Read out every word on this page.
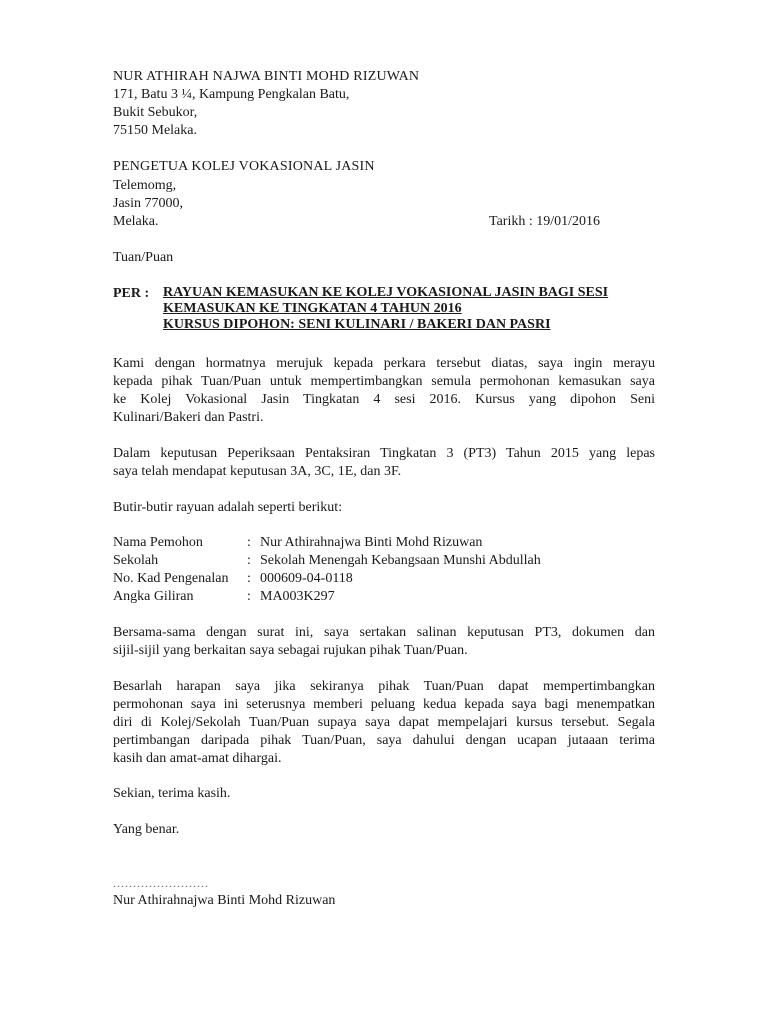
NUR ATHIRAH NAJWA BINTI MOHD RIZUWAN
171, Batu 3 ¼, Kampung Pengkalan Batu,
Bukit Sebukor,
75150 Melaka.
PENGETUA KOLEJ VOKASIONAL JASIN
Telemomg,
Jasin 77000,
Melaka.	Tarikh : 19/01/2016
Tuan/Puan
PER : RAYUAN KEMASUKAN KE KOLEJ VOKASIONAL JASIN BAGI SESI
KEMASUKAN KE TINGKATAN 4 TAHUN 2016
KURSUS DIPOHON: SENI KULINARI / BAKERI DAN PASRI
Kami dengan hormatnya merujuk kepada perkara tersebut diatas, saya ingin merayu
kepada pihak Tuan/Puan untuk mempertimbangkan semula permohonan kemasukan saya
ke Kolej Vokasional Jasin Tingkatan 4 sesi 2016. Kursus yang dipohon Seni
Kulinari/Bakeri dan Pastri.
Dalam keputusan Peperiksaan Pentaksiran Tingkatan 3 (PT3) Tahun 2015 yang lepas
saya telah mendapat keputusan 3A, 3C, 1E, dan 3F.
Butir-butir rayuan adalah seperti berikut:
Nama Pemohon	: Nur Athirahnajwa Binti Mohd Rizuwan
Sekolah	: Sekolah Menengah Kebangsaan Munshi Abdullah
No. Kad Pengenalan : 000609-04-0118
Angka Giliran	: MA003K297
Bersama-sama dengan surat ini, saya sertakan salinan keputusan PT3, dokumen dan
sijil-sijil yang berkaitan saya sebagai rujukan pihak Tuan/Puan.
Besarlah harapan saya jika sekiranya pihak Tuan/Puan dapat mempertimbangkan
permohonan saya ini seterusnya memberi peluang kedua kepada saya bagi menempatkan
diri di Kolej/Sekolah Tuan/Puan supaya saya dapat mempelajari kursus tersebut. Segala
pertimbangan daripada pihak Tuan/Puan, saya dahului dengan ucapan jutaaan terima
kasih dan amat-amat dihargai.
Sekian, terima kasih.
Yang benar.
........................
Nur Athirahnajwa Binti Mohd Rizuwan
